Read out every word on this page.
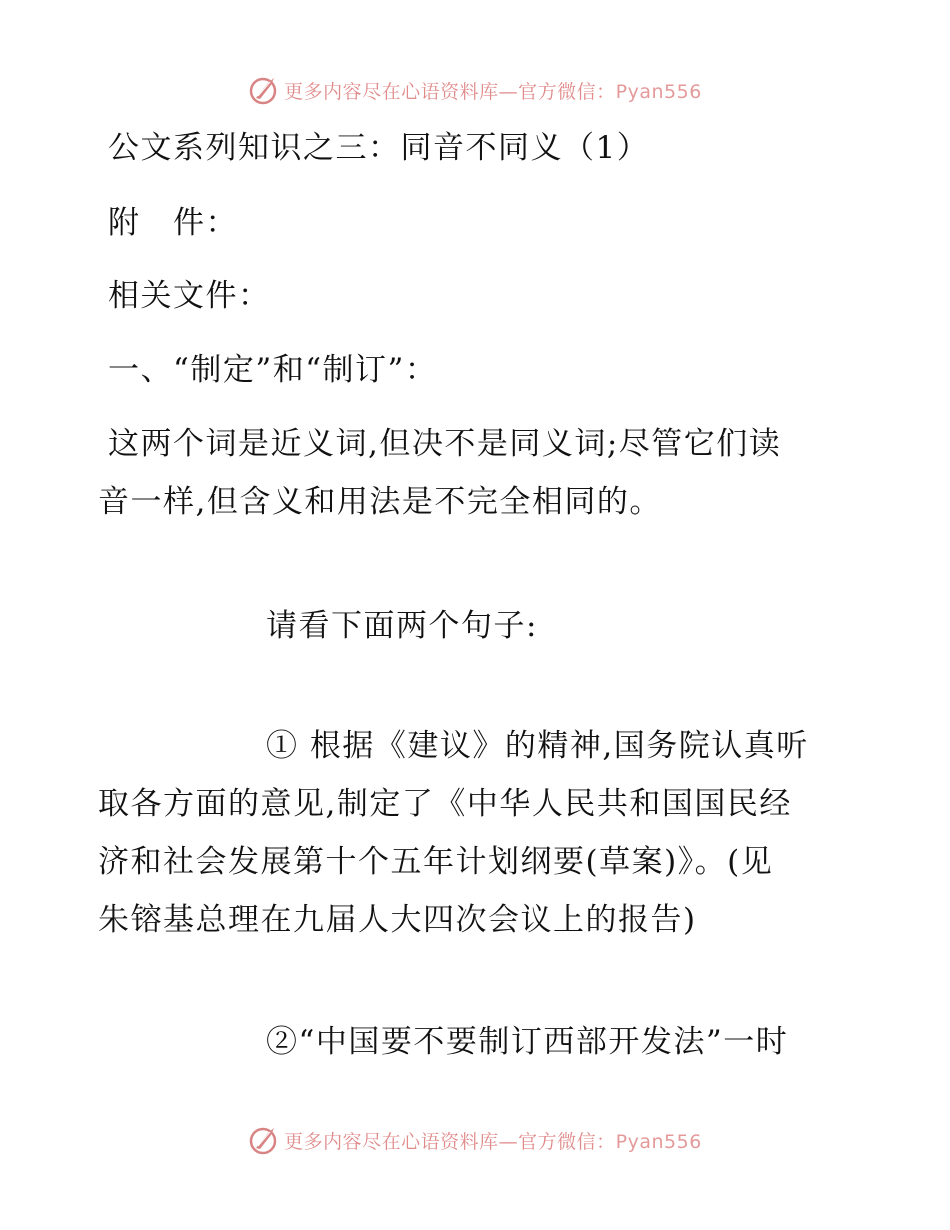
更多内容尽在心语资料库—官方微信：Pyan556
公文系列知识之三：同音不同义（1）
附　件：
相关文件：
一、“制定”和“制订”：
这两个词是近义词,但决不是同义词;尽管它们读
音一样,但含义和用法是不完全相同的。
请看下面两个句子:
① 根据《建议》的精神,国务院认真听
取各方面的意见,制定了《中华人民共和国国民经
济和社会发展第十个五年计划纲要(草案)》。(见
朱镕基总理在九届人大四次会议上的报告)
②“中国要不要制订西部开发法”一时
更多内容尽在心语资料库—官方微信：Pyan556
